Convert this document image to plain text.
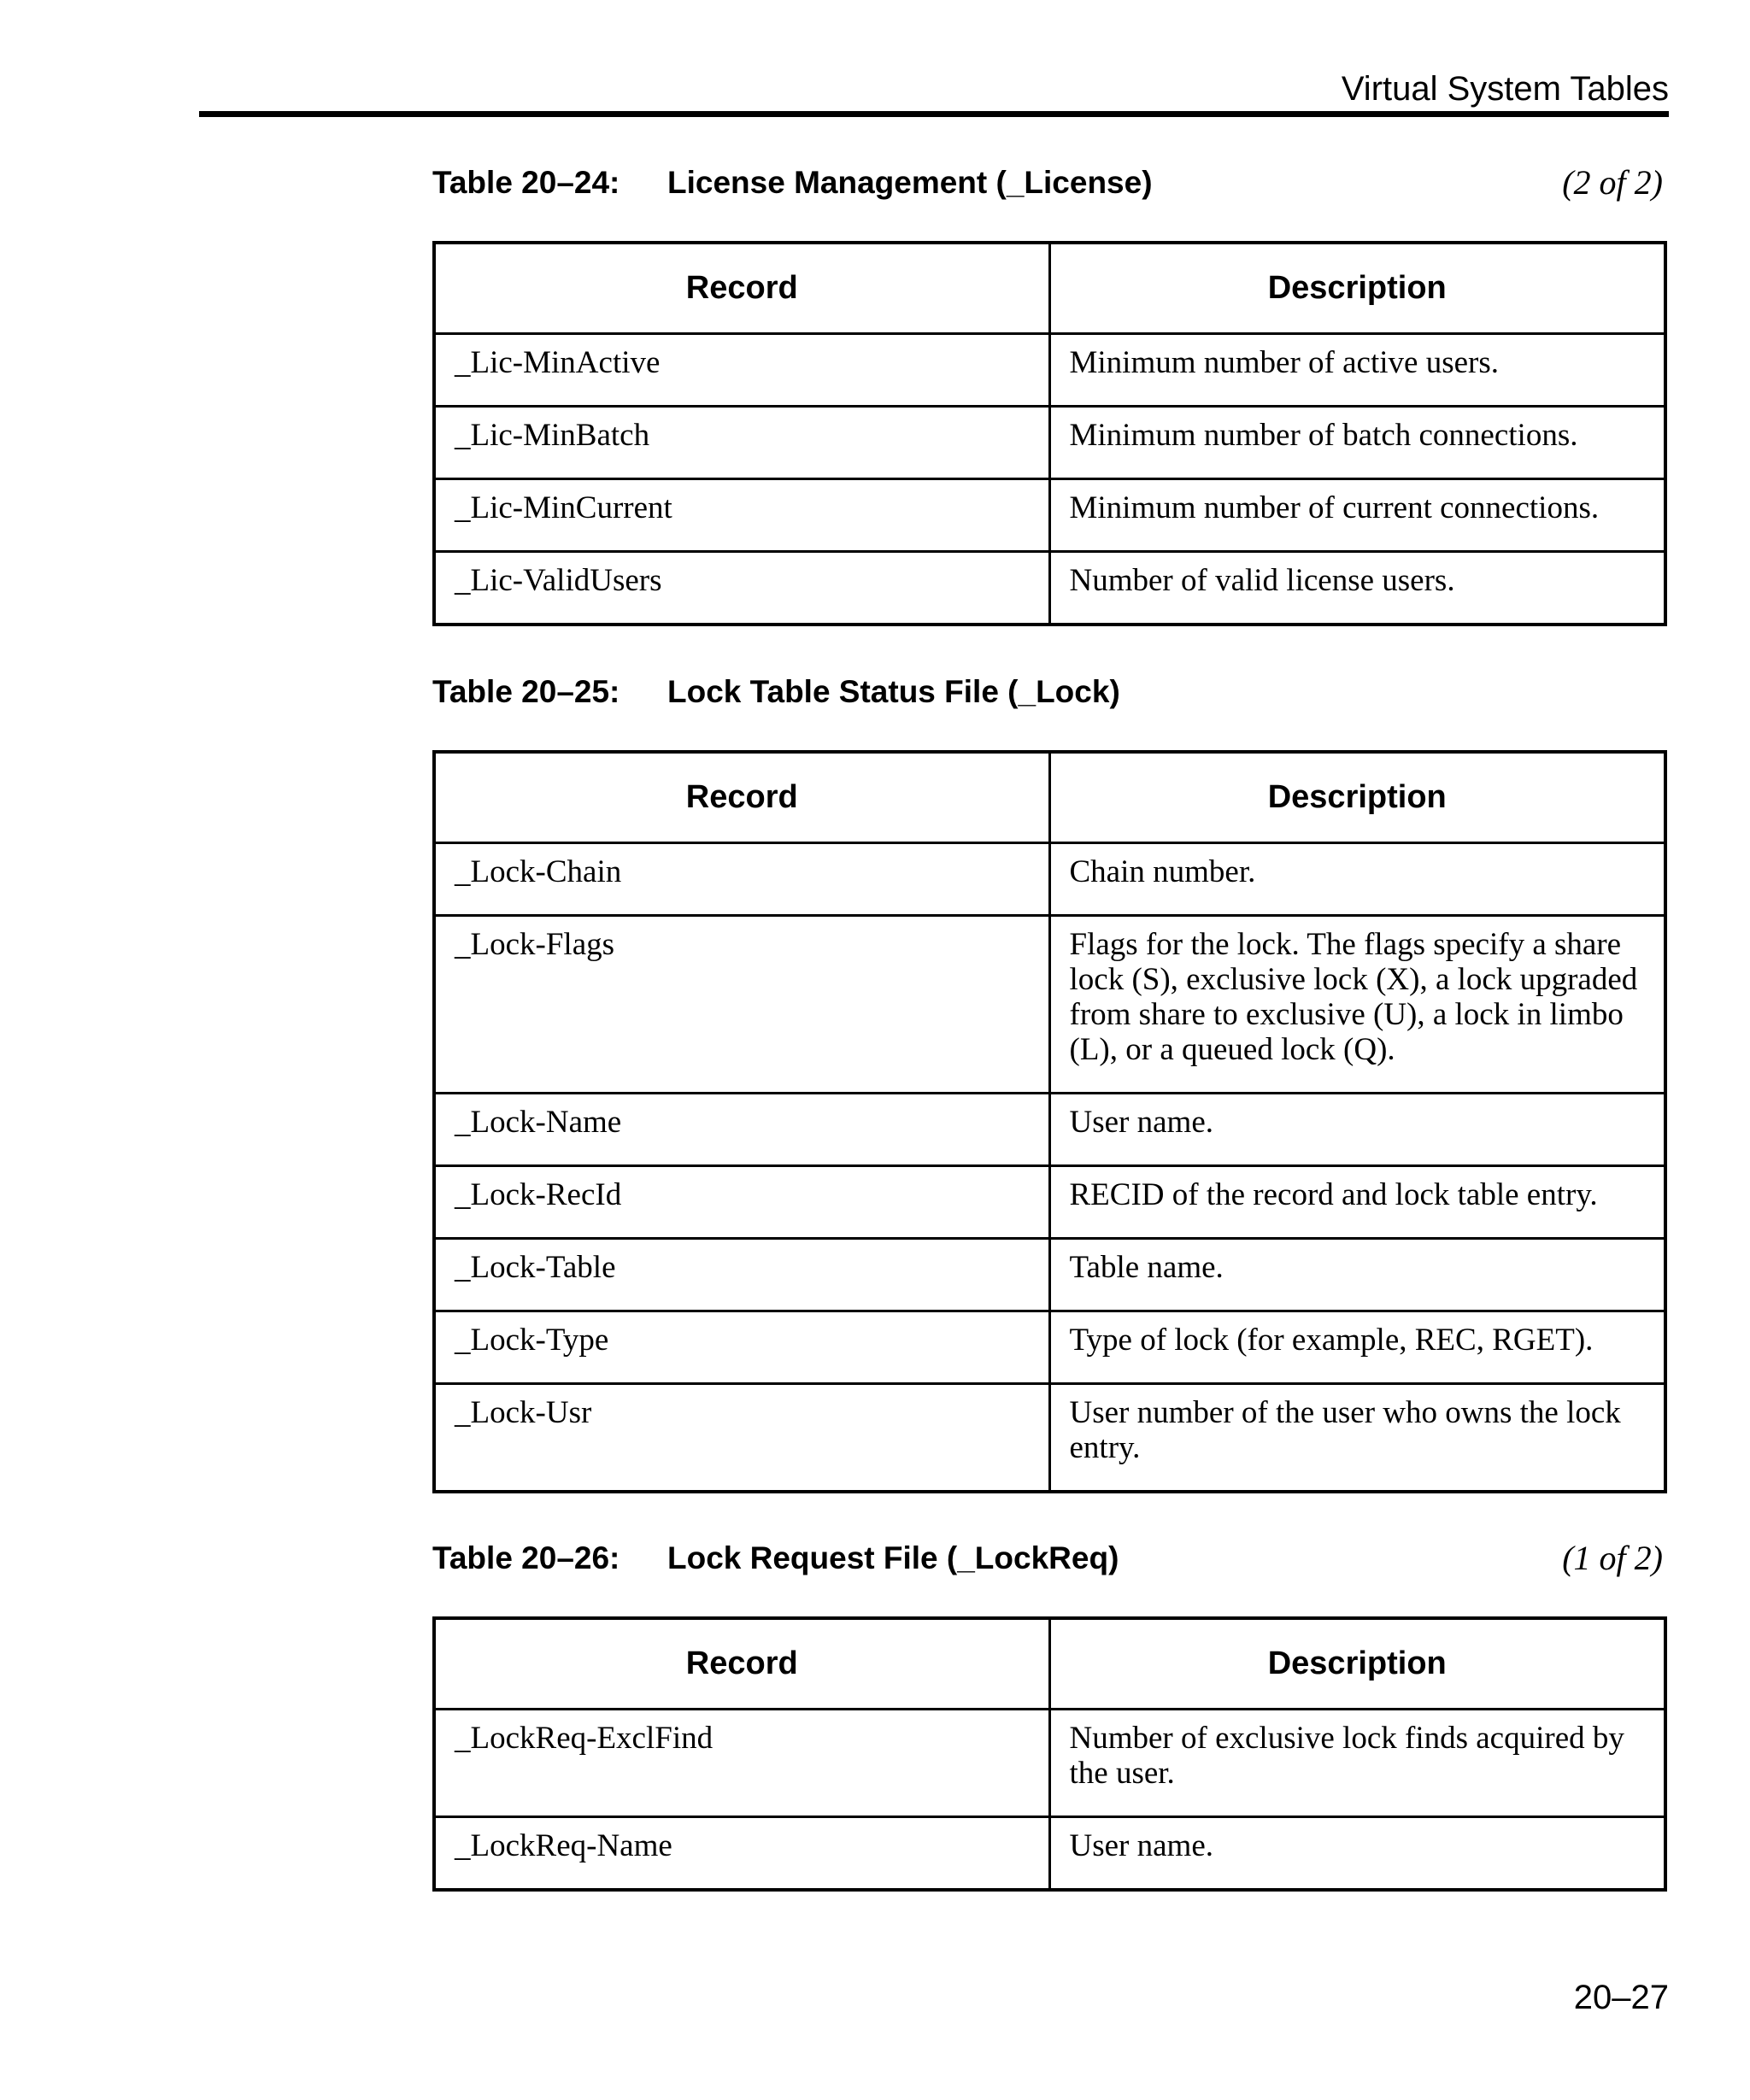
Virtual System Tables
Table 20–24: License Management (_License)	(2 of 2)
Record	Description
_Lic-MinActive	Minimum number of active users.
_Lic-MinBatch	Minimum number of batch connections.
_Lic-MinCurrent	Minimum number of current connections.
_Lic-ValidUsers	Number of valid license users.
Table 20–25: Lock Table Status File (_Lock)
Record	Description
_Lock-Chain	Chain number.
_Lock-Flags	Flags for the lock. The flags specify a share lock (S), exclusive lock (X), a lock upgraded from share to exclusive (U), a lock in limbo (L), or a queued lock (Q).
_Lock-Name	User name.
_Lock-RecId	RECID of the record and lock table entry.
_Lock-Table	Table name.
_Lock-Type	Type of lock (for example, REC, RGET).
_Lock-Usr	User number of the user who owns the lock entry.
Table 20–26: Lock Request File (_LockReq)	(1 of 2)
Record	Description
_LockReq-ExclFind	Number of exclusive lock finds acquired by the user.
_LockReq-Name	User name.
20–27
